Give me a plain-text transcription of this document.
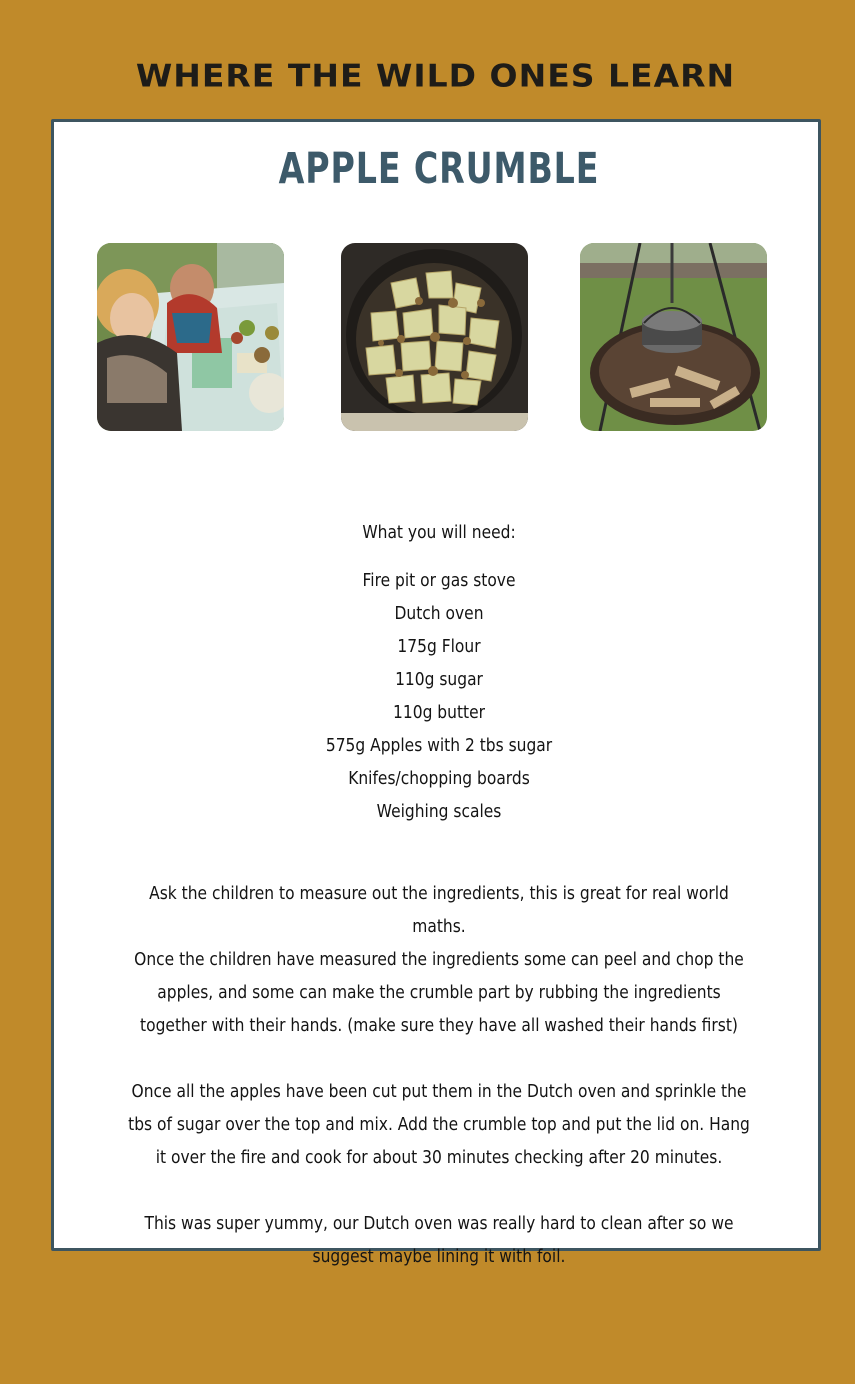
WHERE THE WILD ONES LEARN
APPLE CRUMBLE

What you will need:

Fire pit or gas stove

Dutch oven

175g Flour

110g sugar

110g butter

575g Apples with 2 tbs sugar

Knifes/chopping boards

Weighing scales

Ask the children to measure out the ingredients, this is great for real world maths.

Once the children have measured the ingredients some can peel and chop the apples, and some can make the crumble part by rubbing the ingredients together with their hands. (make sure they have all washed their hands first)

Once all the apples have been cut put them in the Dutch oven and sprinkle the tbs of sugar over the top and mix. Add the crumble top and put the lid on. Hang it over the fire and cook for about 30 minutes checking after 20 minutes.

This was super yummy, our Dutch oven was really hard to clean after so we suggest maybe lining it with foil.
